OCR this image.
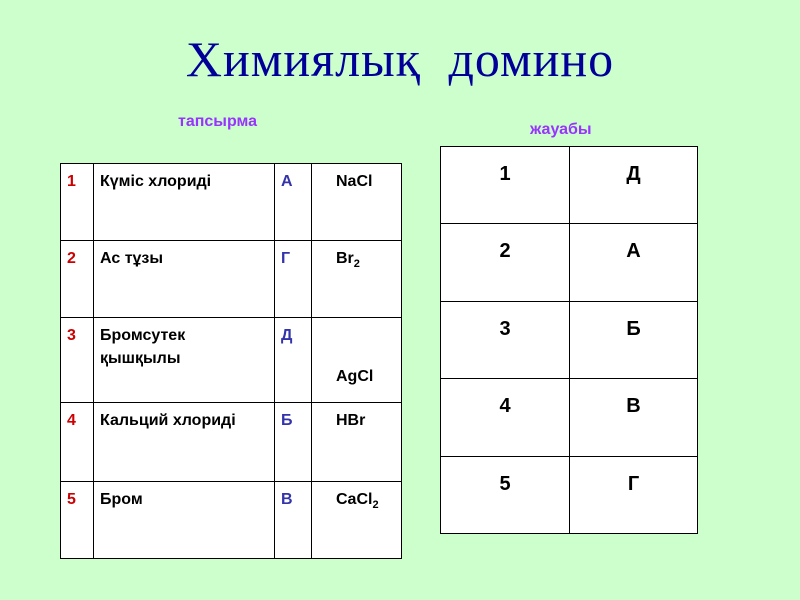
Химиялық домино
тапсырма	жауабы
1	Күміс хлориді	А	NaCl
2	Ас тұзы	Г	$Br_2$
3	Бромсутек қышқылы	Д	AgCl
4	Кальций хлориді	Б	HBr
5	Бром	В	CaCl$_2$
1	Д
2	А
3	Б
4	В
5	Г
